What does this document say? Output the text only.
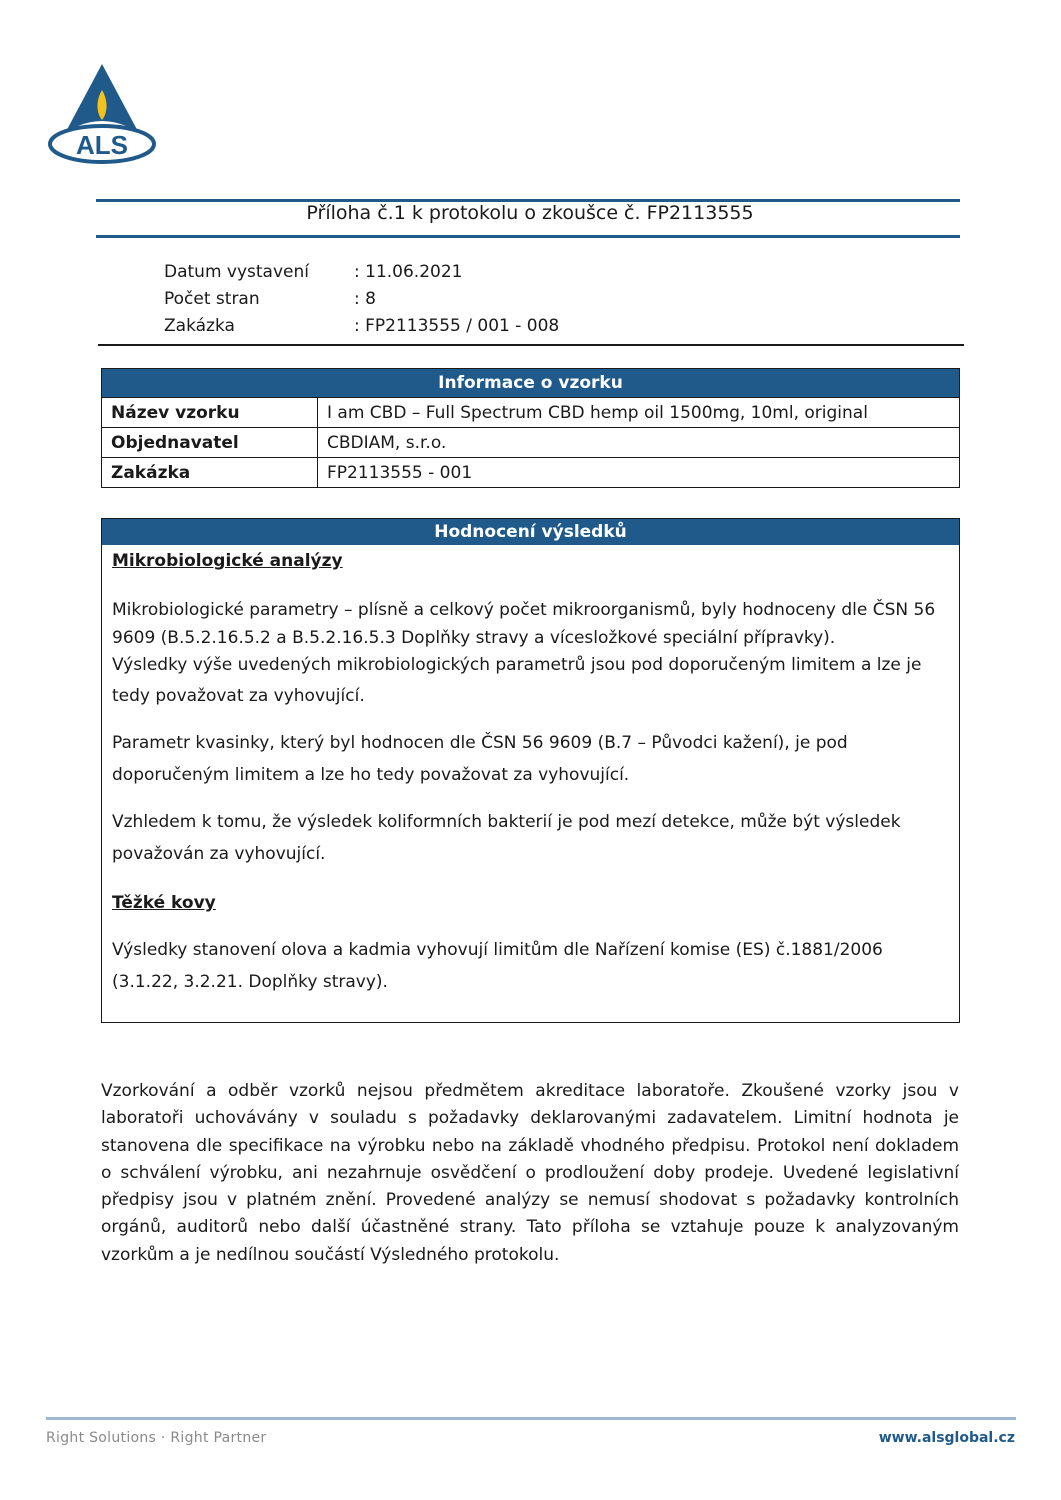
ALS
Příloha č.1 k protokolu o zkoušce č. FP2113555
Datum vystavení	: 11.06.2021
Počet stran	: 8
Zakázka	: FP2113555 / 001 - 008
Informace o vzorku	
Název vzorku	I am CBD – Full Spectrum CBD hemp oil 1500mg, 10ml, original
Objednavatel	CBDIAM, s.r.o.
Zakázka	FP2113555 - 001
Hodnocení výsledků
Mikrobiologické analýzy

Mikrobiologické parametry – plísně a celkový počet mikroorganismů, byly hodnoceny dle ČSN 56

9609 (B.5.2.16.5.2 a B.5.2.16.5.3 Doplňky stravy a vícesložkové speciální přípravky).

Výsledky výše uvedených mikrobiologických parametrů jsou pod doporučeným limitem a lze je

tedy považovat za vyhovující.

Parametr kvasinky, který byl hodnocen dle ČSN 56 9609 (B.7 – Původci kažení), je pod

doporučeným limitem a lze ho tedy považovat za vyhovující.

Vzhledem k tomu, že výsledek koliformních bakterií je pod mezí detekce, může být výsledek

považován za vyhovující.

Těžké kovy

Výsledky stanovení olova a kadmia vyhovují limitům dle Nařízení komise (ES) č.1881/2006

(3.1.22, 3.2.21. Doplňky stravy).

Vzorkování a odběr vzorků nejsou předmětem akreditace laboratoře. Zkoušené vzorky jsou v laboratoři uchovávány v souladu s požadavky deklarovanými zadavatelem. Limitní hodnota je stanovena dle specifikace na výrobku nebo na základě vhodného předpisu. Protokol není dokladem o schválení výrobku, ani nezahrnuje osvědčení o prodloužení doby prodeje. Uvedené legislativní předpisy jsou v platném znění. Provedené analýzy se nemusí shodovat s požadavky kontrolních orgánů, auditorů nebo další účastněné strany. Tato příloha se vztahuje pouze k analyzovaným vzorkům a je nedílnou součástí Výsledného protokolu.
Right Solutions · Right Partner	www.alsglobal.cz
